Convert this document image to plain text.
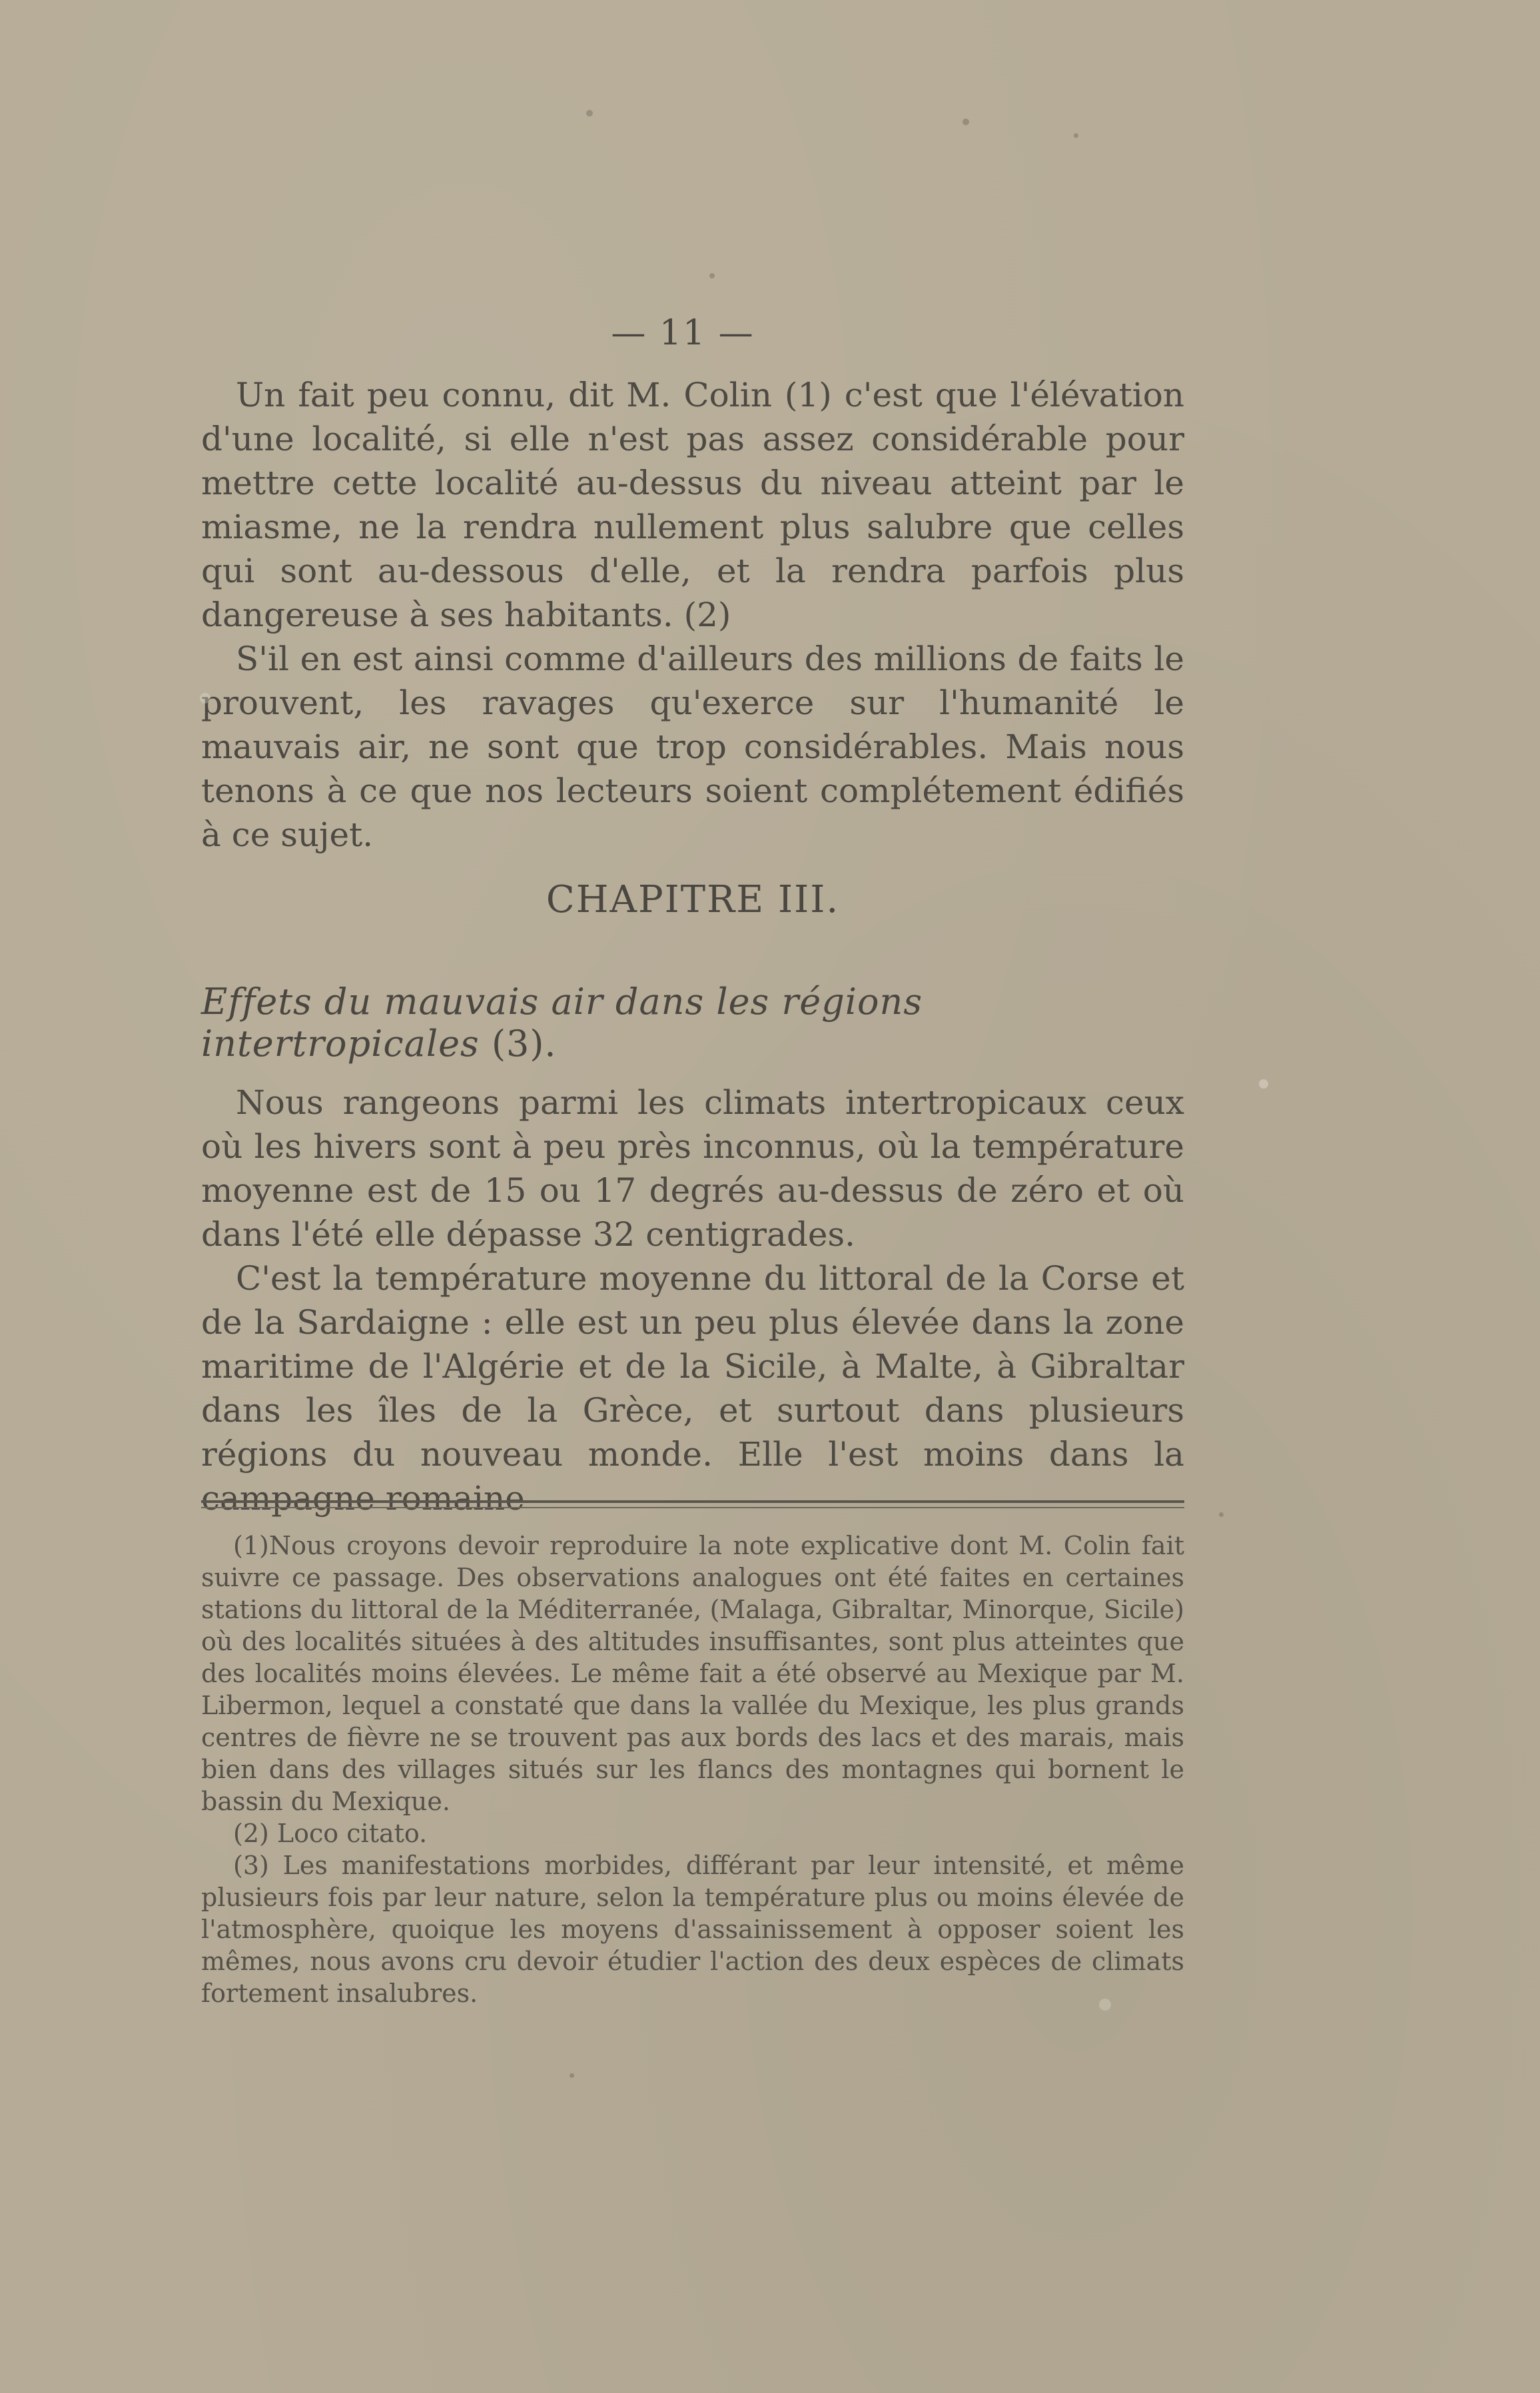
— 11 —

Un fait peu connu, dit M. Colin (1) c'est que l'élévation d'une localité, si elle n'est pas assez considérable pour mettre cette localité au-dessus du niveau atteint par le miasme, ne la rendra nullement plus salubre que celles qui sont au-dessous d'elle, et la rendra parfois plus dangereuse à ses habitants. (2)

S'il en est ainsi comme d'ailleurs des millions de faits le prouvent, les ravages qu'exerce sur l'humanité le mauvais air, ne sont que trop considérables. Mais nous tenons à ce que nos lecteurs soient complétement édifiés à ce sujet.

CHAPITRE III.
Effets du mauvais air dans les régions intertropicales (3).

Nous rangeons parmi les climats intertropicaux ceux où les hivers sont à peu près inconnus, où la température moyenne est de 15 ou 17 degrés au-dessus de zéro et où dans l'été elle dépasse 32 centigrades.

C'est la température moyenne du littoral de la Corse et de la Sardaigne : elle est un peu plus élevée dans la zone maritime de l'Algérie et de la Sicile, à Malte, à Gibraltar dans les îles de la Grèce, et surtout dans plusieurs régions du nouveau monde. Elle l'est moins dans la campagne romaine

(1)Nous croyons devoir reproduire la note explicative dont M. Colin fait suivre ce passage. Des observations analogues ont été faites en certaines stations du littoral de la Méditerranée, (Malaga, Gibraltar, Minorque, Sicile) où des localités situées à des altitudes insuffisantes, sont plus atteintes que des localités moins élevées. Le même fait a été observé au Mexique par M. Libermon, lequel a constaté que dans la vallée du Mexique, les plus grands centres de fièvre ne se trouvent pas aux bords des lacs et des marais, mais bien dans des villages situés sur les flancs des montagnes qui bornent le bassin du Mexique.

(2) Loco citato.

(3) Les manifestations morbides, différant par leur intensité, et même plusieurs fois par leur nature, selon la température plus ou moins élevée de l'atmosphère, quoique les moyens d'assainissement à opposer soient les mêmes, nous avons cru devoir étudier l'action des deux espèces de climats fortement insalubres.
